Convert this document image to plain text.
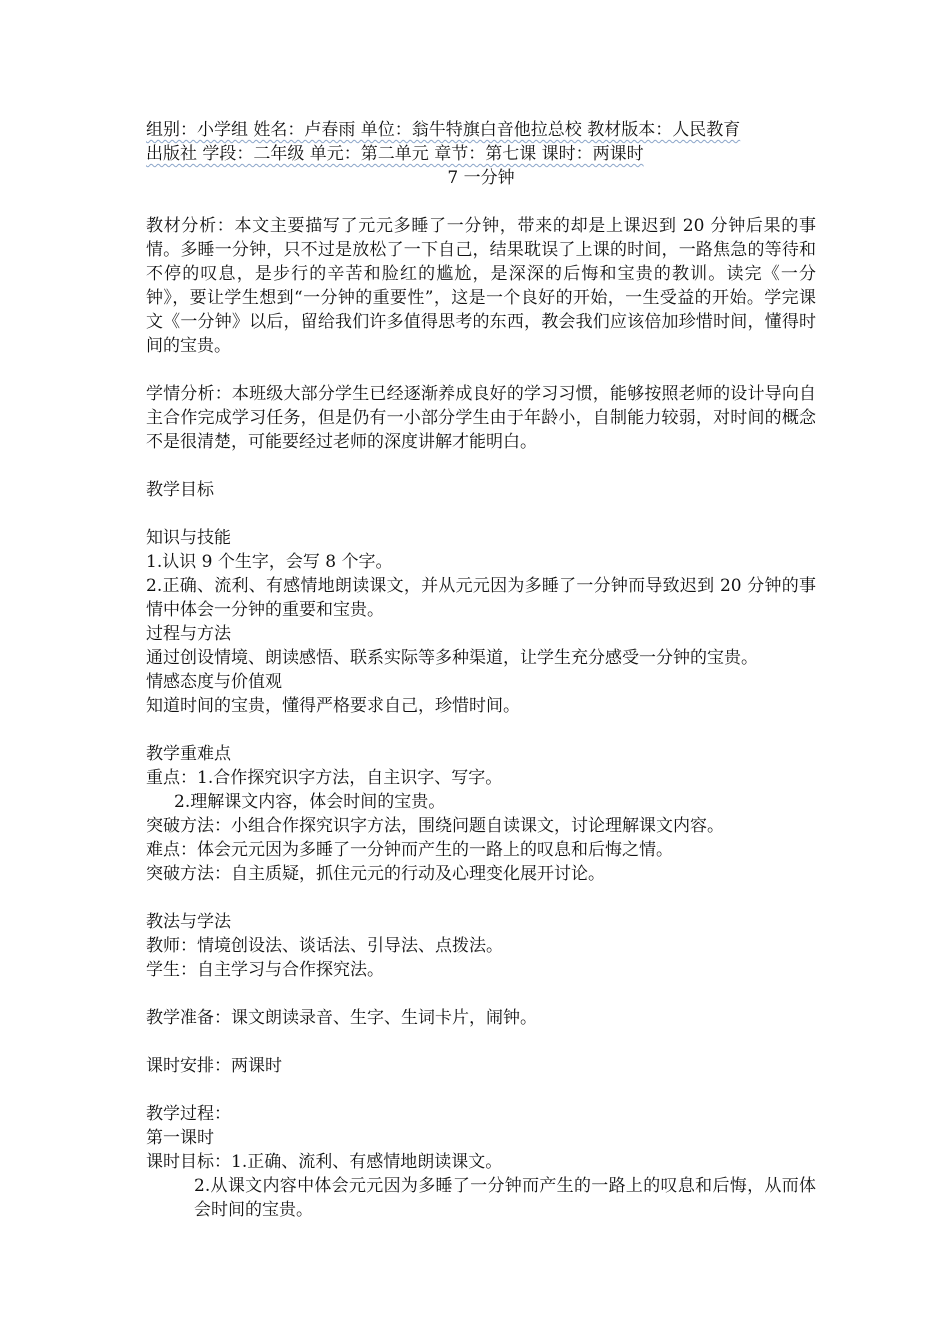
组别：小学组 姓名：卢春雨 单位：翁牛特旗白音他拉总校 教材版本：人民教育
出版社 学段：二年级 单元：第二单元 章节：第七课 课时：两课时
7 一分钟
教材分析：本文主要描写了元元多睡了一分钟，带来的却是上课迟到 20 分钟后果的事情。多睡一分钟，只不过是放松了一下自己，结果耽误了上课的时间，一路焦急的等待和不停的叹息，是步行的辛苦和脸红的尴尬，是深深的后悔和宝贵的教训。读完《一分钟》，要让学生想到“一分钟的重要性”，这是一个良好的开始，一生受益的开始。学完课文《一分钟》以后，留给我们许多值得思考的东西，教会我们应该倍加珍惜时间，懂得时间的宝贵。
学情分析：本班级大部分学生已经逐渐养成良好的学习习惯，能够按照老师的设计导向自主合作完成学习任务，但是仍有一小部分学生由于年龄小，自制能力较弱，对时间的概念不是很清楚，可能要经过老师的深度讲解才能明白。
教学目标
知识与技能
1.认识 9 个生字，会写 8 个字。
2.正确、流利、有感情地朗读课文，并从元元因为多睡了一分钟而导致迟到 20 分钟的事情中体会一分钟的重要和宝贵。
过程与方法
通过创设情境、朗读感悟、联系实际等多种渠道，让学生充分感受一分钟的宝贵。
情感态度与价值观
知道时间的宝贵，懂得严格要求自己，珍惜时间。
教学重难点
重点：1.合作探究识字方法，自主识字、写字。
2.理解课文内容，体会时间的宝贵。
突破方法：小组合作探究识字方法，围绕问题自读课文，讨论理解课文内容。
难点：体会元元因为多睡了一分钟而产生的一路上的叹息和后悔之情。
突破方法：自主质疑，抓住元元的行动及心理变化展开讨论。
教法与学法
教师：情境创设法、谈话法、引导法、点拨法。
学生：自主学习与合作探究法。
教学准备：课文朗读录音、生字、生词卡片，闹钟。
课时安排：两课时
教学过程：
第一课时
课时目标：1.正确、流利、有感情地朗读课文。
2.从课文内容中体会元元因为多睡了一分钟而产生的一路上的叹息和后悔，从而体会时间的宝贵。
